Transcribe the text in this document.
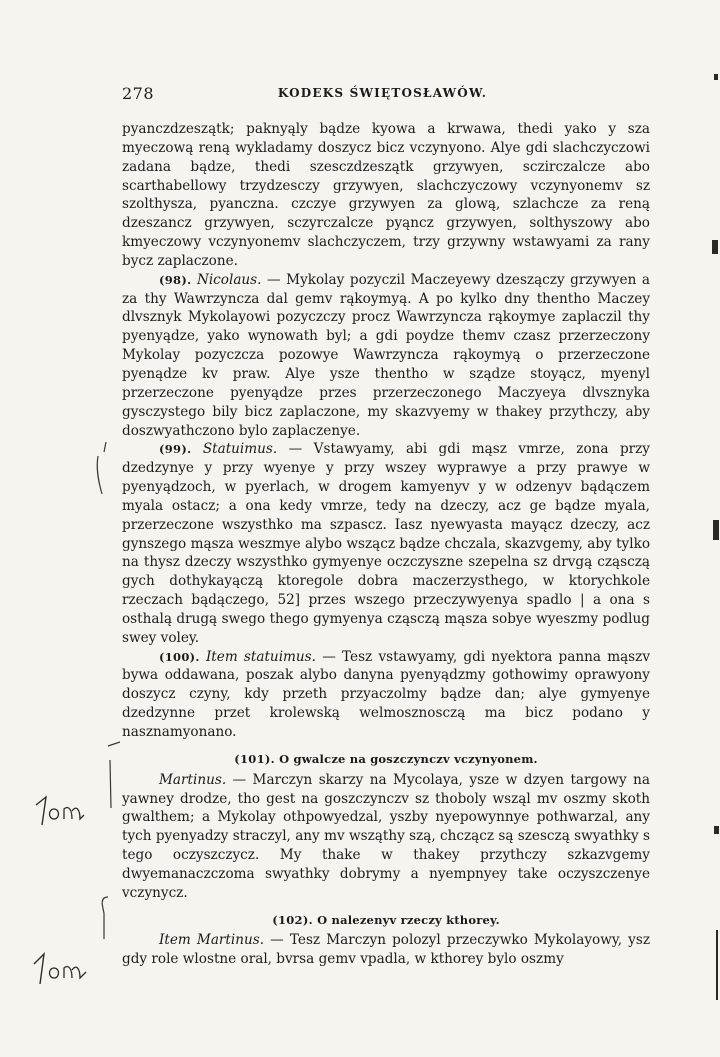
278	KODEKS ŚWIĘTOSŁAWÓW.

pyanczdzeszątk; paknyąly bądze kyowa a krwawa, thedi yako y sza myeczową reną wykladamy doszycz bicz vczynyono. Alye gdi slachczyczowi zadana bądze, thedi szesczdzeszątk grzywyen, sczirczalcze abo scarthabellowy trzydzesczy grzywyen, slachczyczowy vczynyonemv sz szolthysza, pyanczna. czczye grzywyen za glową, szlachcze za reną dzeszancz grzywyen, sczyrczalcze pyąncz grzywyen, solthyszowy abo kmyeczowy vczynyonemv slachczyczem, trzy grzywny wstawyami za rany bycz zaplaczone.

(98). Nicolaus. — Mykolay pozyczil Maczeyewy dzeszączy grzywyen a za thy Wawrzyncza dal gemv rąkoymyą. A po kylko dny thentho Maczey dlvsznyk Mykolayowi pozyczczy procz Wawrzyncza rąkoymye zaplaczil thy pyenyądze, yako wynowath byl; a gdi poydze themv czasz przerzeczony Mykolay pozyczcza pozowye Wawrzyncza rąkoymyą o przerzeczone pyenądze kv praw. Alye ysze thentho w sządze stoyącz, myenyl przerzeczone pyenyądze przes przerzeczonego Maczyeya dlvsznyka gysczystego bily bicz zaplaczone, my skazvyemy w thakey przythczy, aby doszwyathczono bylo zaplaczenye.

(99). Statuimus. — Vstawyamy, abi gdi mąsz vmrze, zona przy dzedzynye y przy wyenye y przy wszey wyprawye a przy prawye w pyenyądzoch, w pyerlach, w drogem kamyenyv y w odzenyv bądączem myala ostacz; a ona kedy vmrze, tedy na dzeczy, acz ge bądze myala, przerzeczone wszysthko ma szpascz. Iasz nyewyasta mayącz dzeczy, acz gynszego mąsza weszmye alybo wszącz bądze chczala, skazvgemy, aby tylko na thysz dzeczy wszysthko gymyenye oczczyszne szepelna sz drvgą cząsczą gych dothykayączą ktoregole dobra maczerzysthego, w ktorychkole rzeczach bądączego, 52] przes wszego przeczywyenya spadlo | a ona s osthalą drugą swego thego gymyenya cząsczą mąsza sobye wyeszmy podlug swey voley.

(100). Item statuimus. — Tesz vstawyamy, gdi nyektora panna mąszv bywa oddawana, poszak alybo danyna pyenyądzmy gothowimy oprawyony doszycz czyny, kdy przeth przyaczolmy bądze dan; alye gymyenye dzedzynne przet krolewską welmosznosczą ma bicz podano y nasznamyonano.

(101). O gwalcze na goszczynczv vczynyonem.

Martinus. — Marczyn skarzy na Mycolaya, ysze w dzyen targowy na yawney drodze, tho gest na goszczynczv sz thoboly wsząl mv oszmy skoth gwalthem; a Mykolay othpowyedzal, yszby nyepowynnye pothwarzal, any tych pyenyadzy straczyl, any mv wsząthy szą, chcząсz są szesczą swyathky s tego oczyszczycz. My thake w thakey przythczy szkazvgemy dwyemanaczczoma swyathky dobrymy a nyempnyey take oczyszczenye vczynycz.

(102). O nalezenyv rzeczy kthorey.

Item Martinus. — Tesz Marczyn polozyl przeczywko Mykolayowy, ysz gdy role wlostne oral, bvrsa gemv vpadla, w kthorey bylo oszmy
